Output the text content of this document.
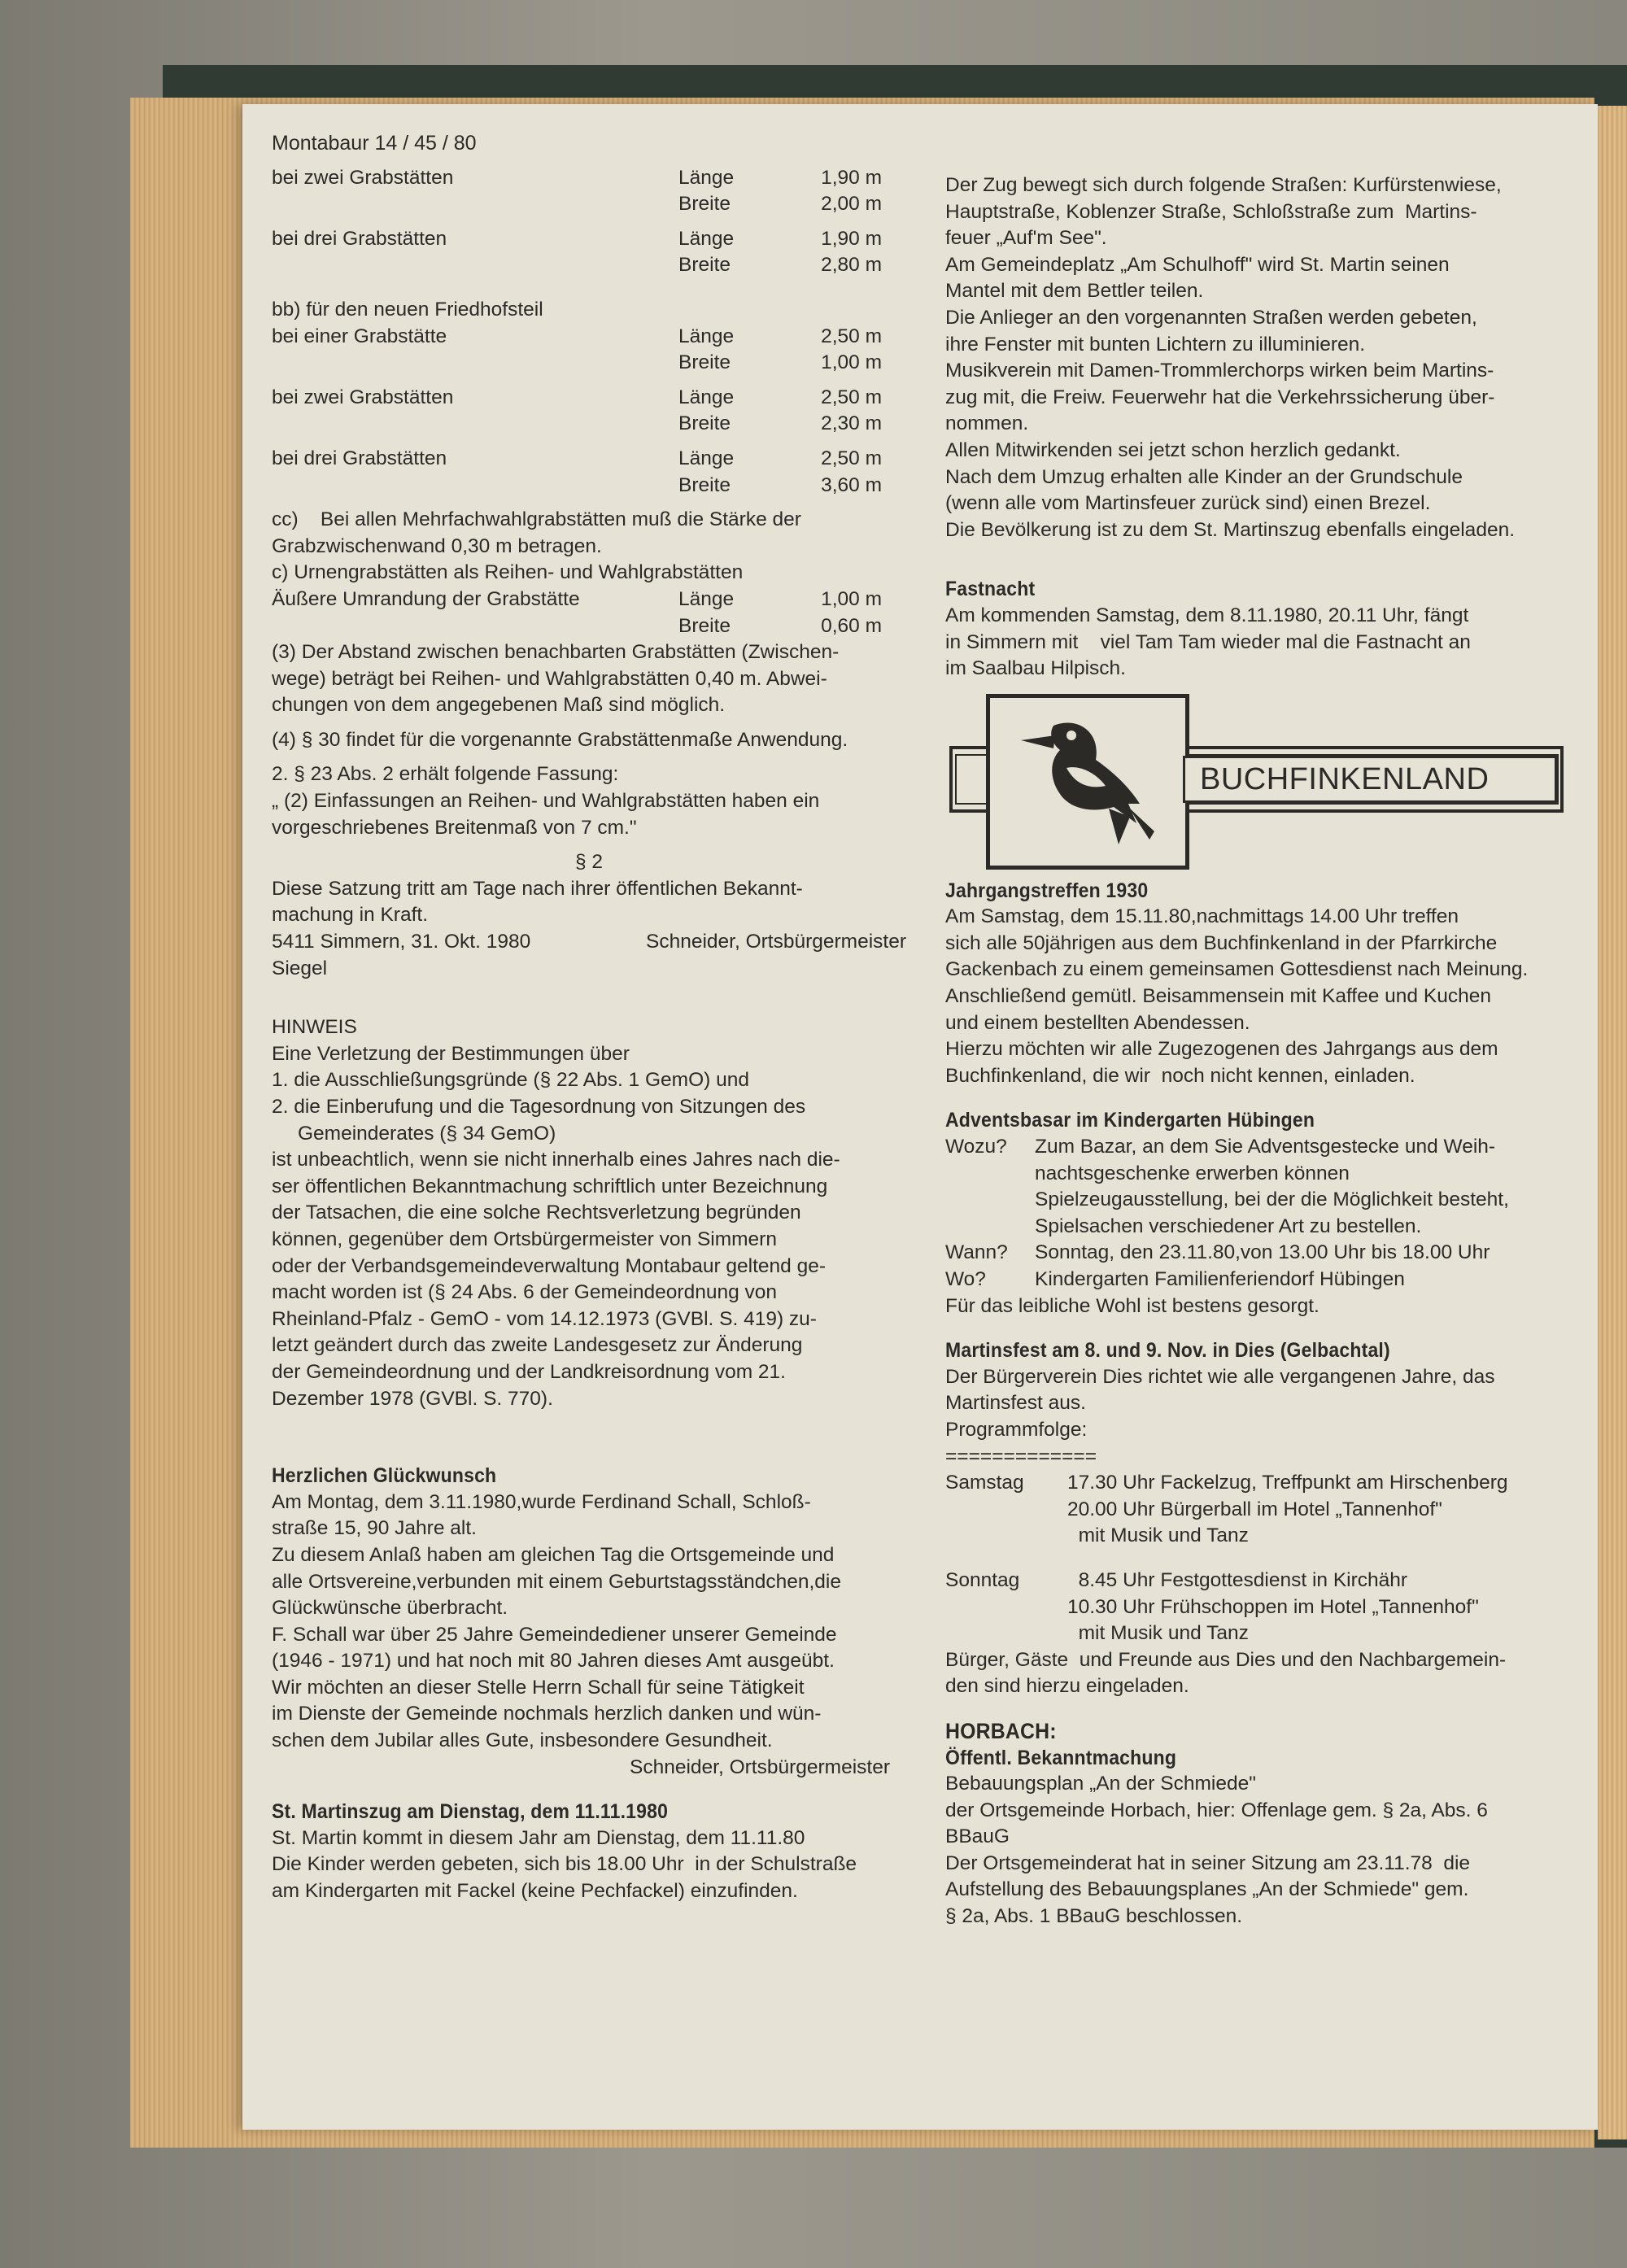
Montabaur 14 / 45 / 80

bei zwei Grabstätten	Länge	1,90 m
Breite	2,00 m
bei drei Grabstätten	Länge	1,90 m
Breite	2,80 m

bb) für den neuen Friedhofsteil

bei einer Grabstätte	Länge	2,50 m
Breite	1,00 m
bei zwei Grabstätten	Länge	2,50 m
Breite	2,30 m
bei drei Grabstätten	Länge	2,50 m
Breite	3,60 m

cc)    Bei allen Mehrfachwahlgrabstätten muß die Stärke der

Grabzwischenwand 0,30 m betragen.

c) Urnengrabstätten als Reihen- und Wahlgrabstätten

Äußere Umrandung der Grabstätte	Länge	1,00 m
Breite	0,60 m

(3) Der Abstand zwischen benachbarten Grabstätten (Zwischen-

wege) beträgt bei Reihen- und Wahlgrabstätten 0,40 m. Abwei-

chungen von dem angegebenen Maß sind möglich.

(4) § 30 findet für die vorgenannte Grabstättenmaße Anwendung.

2. § 23 Abs. 2 erhält folgende Fassung:

„ (2) Einfassungen an Reihen- und Wahlgrabstätten haben ein

vorgeschriebenes Breitenmaß von 7 cm."

§ 2

Diese Satzung tritt am Tage nach ihrer öffentlichen Bekannt-

machung in Kraft.

5411 Simmern, 31. Okt. 1980	Schneider, Ortsbürgermeister

Siegel

HINWEIS

Eine Verletzung der Bestimmungen über

1. die Ausschließungsgründe (§ 22 Abs. 1 GemO) und

2. die Einberufung und die Tagesordnung von Sitzungen des

Gemeinderates (§ 34 GemO)

ist unbeachtlich, wenn sie nicht innerhalb eines Jahres nach die-

ser öffentlichen Bekanntmachung schriftlich unter Bezeichnung

der Tatsachen, die eine solche Rechtsverletzung begründen

können, gegenüber dem Ortsbürgermeister von Simmern

oder der Verbandsgemeindeverwaltung Montabaur geltend ge-

macht worden ist (§ 24 Abs. 6 der Gemeindeordnung von

Rheinland-Pfalz - GemO - vom 14.12.1973 (GVBl. S. 419) zu-

letzt geändert durch das zweite Landesgesetz zur Änderung

der Gemeindeordnung und der Landkreisordnung vom 21.

Dezember 1978 (GVBl. S. 770).

Herzlichen Glückwunsch

Am Montag, dem 3.11.1980,wurde Ferdinand Schall, Schloß-

straße 15, 90 Jahre alt.

Zu diesem Anlaß haben am gleichen Tag die Ortsgemeinde und

alle Ortsvereine,verbunden mit einem Geburtstagsständchen,die

Glückwünsche überbracht.

F. Schall war über 25 Jahre Gemeindediener unserer Gemeinde

(1946 - 1971) und hat noch mit 80 Jahren dieses Amt ausgeübt.

Wir möchten an dieser Stelle Herrn Schall für seine Tätigkeit

im Dienste der Gemeinde nochmals herzlich danken und wün-

schen dem Jubilar alles Gute, insbesondere Gesundheit.

Schneider, Ortsbürgermeister

St. Martinszug am Dienstag, dem 11.11.1980

St. Martin kommt in diesem Jahr am Dienstag, dem 11.11.80

Die Kinder werden gebeten, sich bis 18.00 Uhr  in der Schulstraße

am Kindergarten mit Fackel (keine Pechfackel) einzufinden.

Der Zug bewegt sich durch folgende Straßen: Kurfürstenwiese,

Hauptstraße, Koblenzer Straße, Schloßstraße zum  Martins-

feuer „Auf'm See".

Am Gemeindeplatz „Am Schulhoff" wird St. Martin seinen

Mantel mit dem Bettler teilen.

Die Anlieger an den vorgenannten Straßen werden gebeten,

ihre Fenster mit bunten Lichtern zu illuminieren.

Musikverein mit Damen-Trommlerchorps wirken beim Martins-

zug mit, die Freiw. Feuerwehr hat die Verkehrssicherung über-

nommen.

Allen Mitwirkenden sei jetzt schon herzlich gedankt.

Nach dem Umzug erhalten alle Kinder an der Grundschule

(wenn alle vom Martinsfeuer zurück sind) einen Brezel.

Die Bevölkerung ist zu dem St. Martinszug ebenfalls eingeladen.

Fastnacht

Am kommenden Samstag, dem 8.11.1980, 20.11 Uhr, fängt

in Simmern mit    viel Tam Tam wieder mal die Fastnacht an

im Saalbau Hilpisch.

BUCHFINKENLAND

Jahrgangstreffen 1930

Am Samstag, dem 15.11.80,nachmittags 14.00 Uhr treffen

sich alle 50jährigen aus dem Buchfinkenland in der Pfarrkirche

Gackenbach zu einem gemeinsamen Gottesdienst nach Meinung.

Anschließend gemütl. Beisammensein mit Kaffee und Kuchen

und einem bestellten Abendessen.

Hierzu möchten wir alle Zugezogenen des Jahrgangs aus dem

Buchfinkenland, die wir  noch nicht kennen, einladen.

Adventsbasar im Kindergarten Hübingen

Wozu?	Zum Bazar, an dem Sie Adventsgestecke und Weih-

nachtsgeschenke erwerben können

Spielzeugausstellung, bei der die Möglichkeit besteht,

Spielsachen verschiedener Art zu bestellen.

Wann?	Sonntag, den 23.11.80,von 13.00 Uhr bis 18.00 Uhr
Wo?	Kindergarten Familienferiendorf Hübingen

Für das leibliche Wohl ist bestens gesorgt.

Martinsfest am 8. und 9. Nov. in Dies (Gelbachtal)

Der Bürgerverein Dies richtet wie alle vergangenen Jahre, das

Martinsfest aus.

Programmfolge:

=============

Samstag	17.30 Uhr Fackelzug, Treffpunkt am Hirschenberg

20.00 Uhr Bürgerball im Hotel „Tannenhof"

mit Musik und Tanz

Sonntag	8.45 Uhr Festgottesdienst in Kirchähr

10.30 Uhr Frühschoppen im Hotel „Tannenhof"

mit Musik und Tanz

Bürger, Gäste  und Freunde aus Dies und den Nachbargemein-

den sind hierzu eingeladen.

HORBACH:

Öffentl. Bekanntmachung

Bebauungsplan „An der Schmiede"

der Ortsgemeinde Horbach, hier: Offenlage gem. § 2a, Abs. 6

BBauG

Der Ortsgemeinderat hat in seiner Sitzung am 23.11.78  die

Aufstellung des Bebauungsplanes „An der Schmiede" gem.

§ 2a, Abs. 1 BBauG beschlossen.
